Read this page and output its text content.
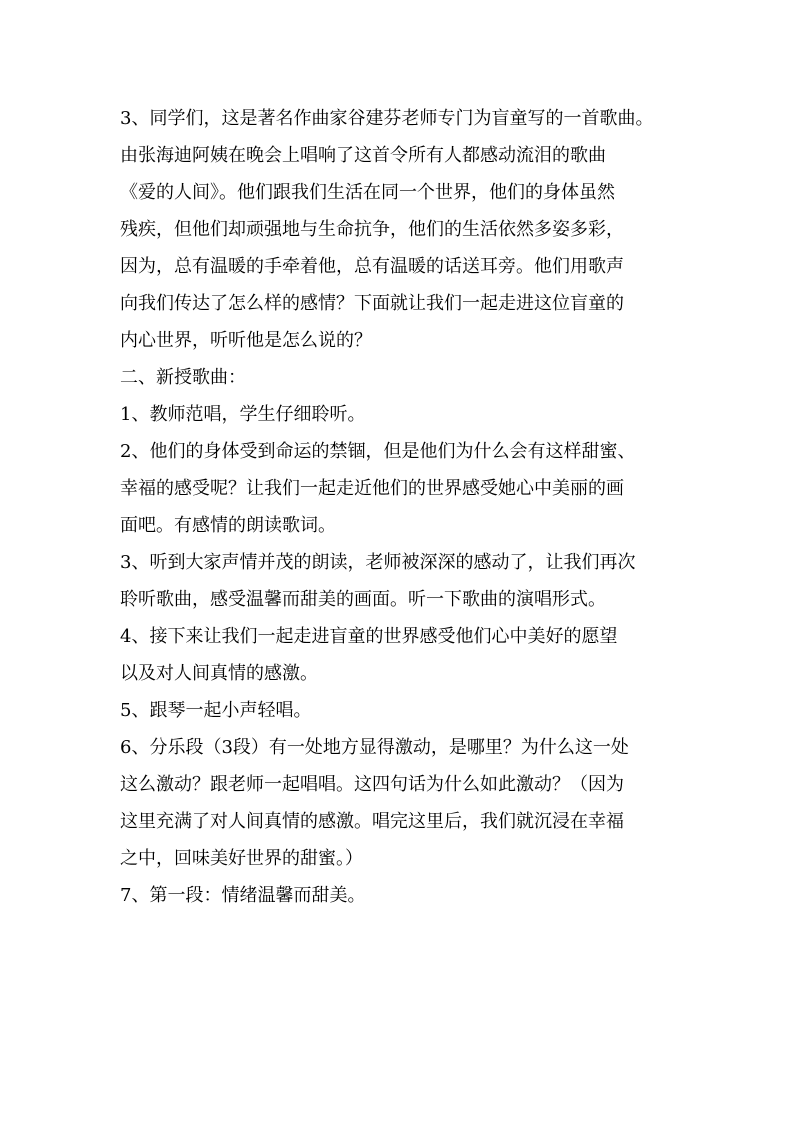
3、同学们，这是著名作曲家谷建芬老师专门为盲童写的一首歌曲。
由张海迪阿姨在晚会上唱响了这首令所有人都感动流泪的歌曲
《爱的人间》。他们跟我们生活在同一个世界，他们的身体虽然
残疾，但他们却顽强地与生命抗争，他们的生活依然多姿多彩，
因为，总有温暖的手牵着他，总有温暖的话送耳旁。他们用歌声
向我们传达了怎么样的感情？下面就让我们一起走进这位盲童的
内心世界，听听他是怎么说的？
二、新授歌曲：
1、教师范唱，学生仔细聆听。
2、他们的身体受到命运的禁锢，但是他们为什么会有这样甜蜜、
幸福的感受呢？让我们一起走近他们的世界感受她心中美丽的画
面吧。有感情的朗读歌词。
3、听到大家声情并茂的朗读，老师被深深的感动了，让我们再次
聆听歌曲，感受温馨而甜美的画面。听一下歌曲的演唱形式。
4、接下来让我们一起走进盲童的世界感受他们心中美好的愿望
以及对人间真情的感激。
5、跟琴一起小声轻唱。
6、分乐段（3段）有一处地方显得激动，是哪里？为什么这一处
这么激动？跟老师一起唱唱。这四句话为什么如此激动？（因为
这里充满了对人间真情的感激。唱完这里后，我们就沉浸在幸福
之中，回味美好世界的甜蜜。）
7、第一段：情绪温馨而甜美。
